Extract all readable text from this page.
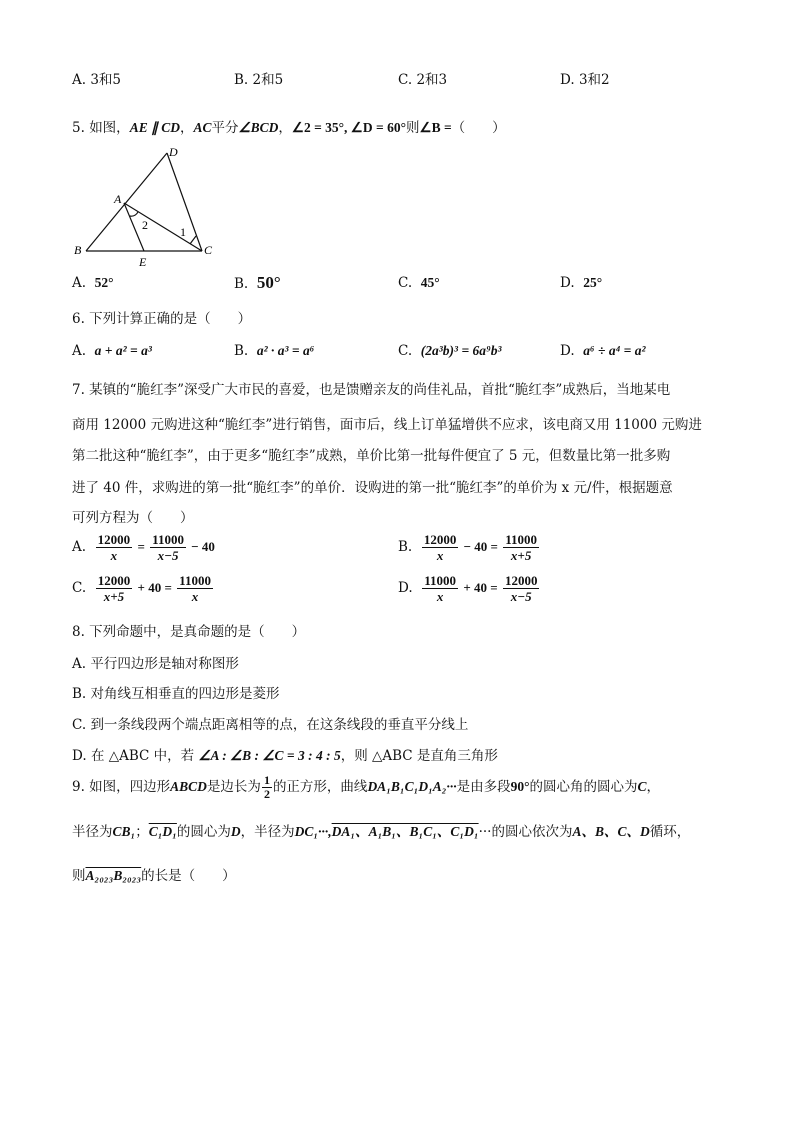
A. 3和5	B. 2和5	C. 2和3	D. 3和2
5. 如图，AE ∥ CD，AC平分∠BCD，∠2 = 35°, ∠D = 60°则∠B =（　　）
D
A
B
E
C
1
2
A. 52°	B. 50°	C. 45°	D. 25°
6. 下列计算正确的是（　　）
A. a + a² = a³	B. a² · a³ = a⁶	C. (2a³b)³ = 6a⁹b³	D. a⁶ ÷ a⁴ = a²
7. 某镇的“脆红李”深受广大市民的喜爱，也是馈赠亲友的尚佳礼品，首批“脆红李”成熟后，当地某电
商用 12000 元购进这种“脆红李”进行销售，面市后，线上订单猛增供不应求，该电商又用 11000 元购进
第二批这种“脆红李”，由于更多“脆红李”成熟，单价比第一批每件便宜了 5 元，但数量比第一批多购
进了 40 件，求购进的第一批“脆红李”的单价．设购进的第一批“脆红李”的单价为 x 元/件，根据题意
可列方程为（　　）
A. $\frac{12000}{x} = \frac{11000}{x-5} - 40$	B. $\frac{12000}{x} - 40 = \frac{11000}{x+5}$
C. $\frac{12000}{x+5} + 40 = \frac{11000}{x}$	D. $\frac{11000}{x} + 40 = \frac{12000}{x-5}$
8. 下列命题中，是真命题的是（　　）
A. 平行四边形是轴对称图形
B. 对角线互相垂直的四边形是菱形
C. 到一条线段两个端点距离相等的点，在这条线段的垂直平分线上
D. 在 △ABC 中，若 ∠A : ∠B : ∠C = 3 : 4 : 5，则 △ABC 是直角三角形
9. 如图，四边形ABCD是边长为 $\frac{1}{2}$ 的正方形，曲线DA₁B₁C₁D₁A₂···是由多段90°的圆心角的圆心为C，
半径为CB₁；C₁D₁的圆心为D，半径为DC₁···,DA₁、A₁B₁、B₁C₁、C₁D₁···的圆心依次为A、B、C、D循环，
则A₂₀₂₃B₂₀₂₃的长是（　　）
